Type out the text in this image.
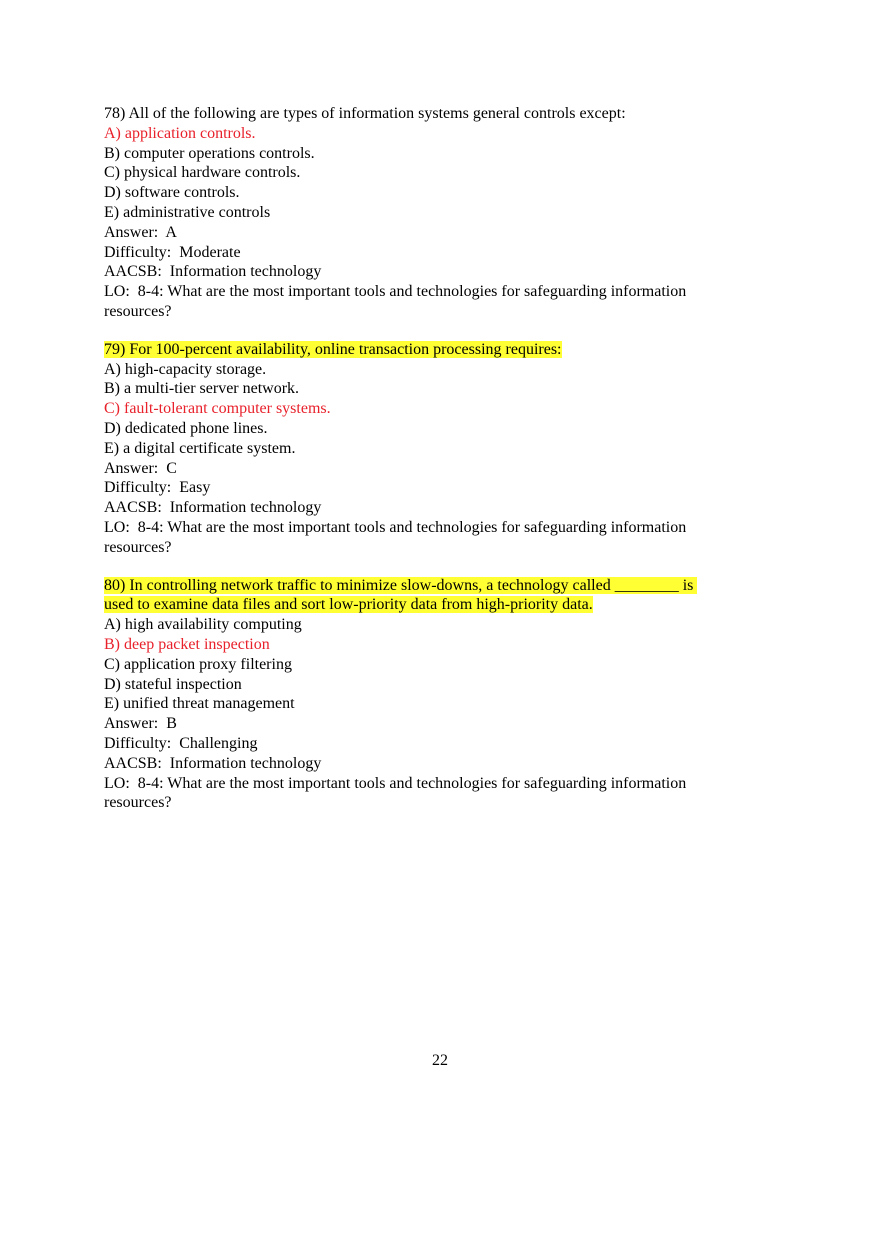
78) All of the following are types of information systems general controls except:
A) application controls.
B) computer operations controls.
C) physical hardware controls.
D) software controls.
E) administrative controls
Answer:  A
Difficulty:  Moderate
AACSB:  Information technology
LO:  8-4: What are the most important tools and technologies for safeguarding information
resources?
79) For 100-percent availability, online transaction processing requires:
A) high-capacity storage.
B) a multi-tier server network.
C) fault-tolerant computer systems.
D) dedicated phone lines.
E) a digital certificate system.
Answer:  C
Difficulty:  Easy
AACSB:  Information technology
LO:  8-4: What are the most important tools and technologies for safeguarding information
resources?
80) In controlling network traffic to minimize slow-downs, a technology called ________ is
used to examine data files and sort low-priority data from high-priority data.
A) high availability computing
B) deep packet inspection
C) application proxy filtering
D) stateful inspection
E) unified threat management
Answer:  B
Difficulty:  Challenging
AACSB:  Information technology
LO:  8-4: What are the most important tools and technologies for safeguarding information
resources?
22
